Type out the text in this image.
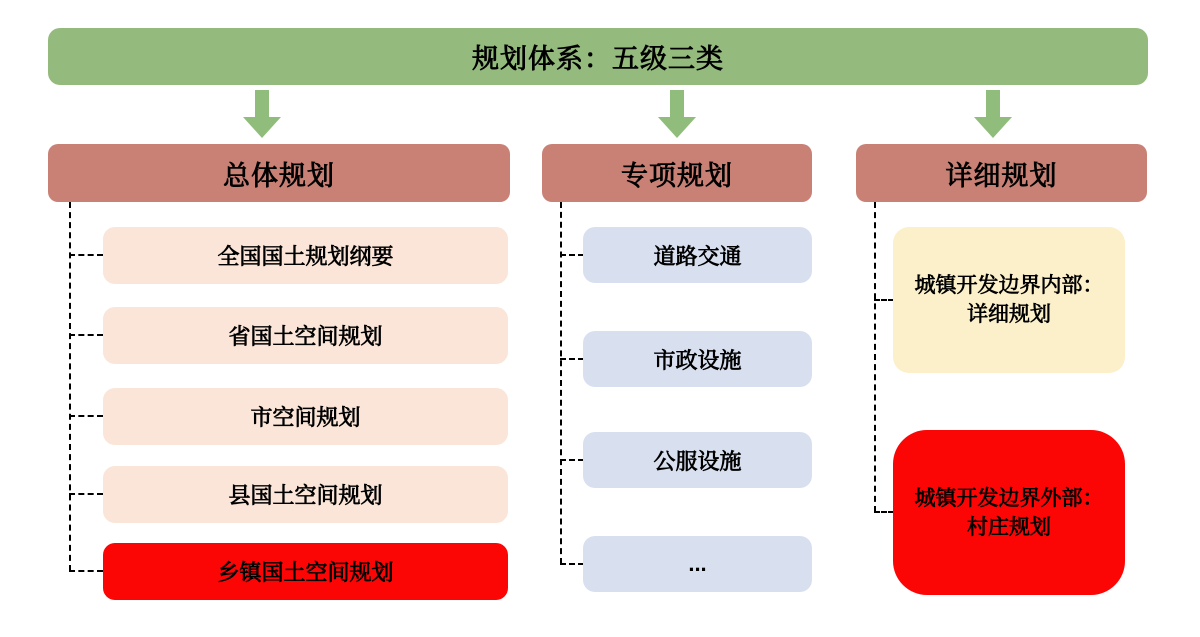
规划体系：五级三类
总体规划	专项规划	详细规划
全国国土规划纲要
省国土空间规划
市空间规划
县国土空间规划
乡镇国土空间规划
道路交通
市政设施
公服设施
...
城镇开发边界内部：
详细规划
城镇开发边界外部：
村庄规划
